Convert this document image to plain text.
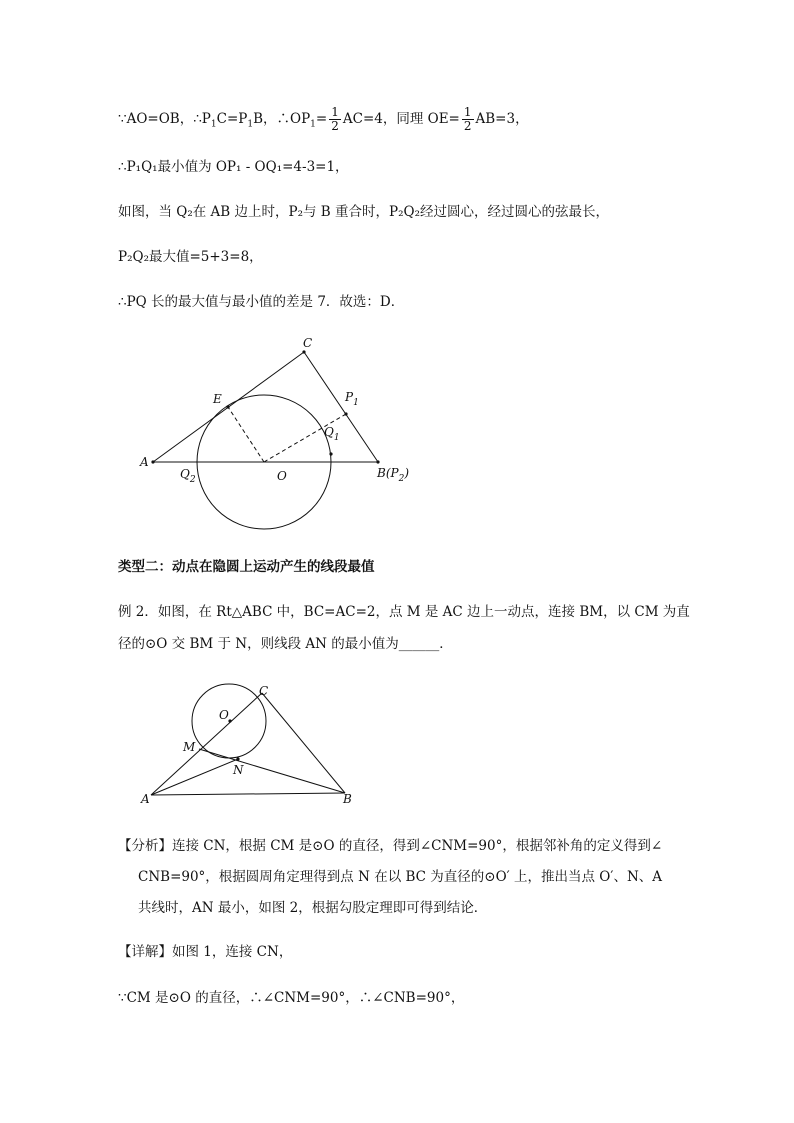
∵AO=OB，$\therefore P_1C=P_1B$，$\therefore OP_1= \frac{1}{2} AC=4$，同理 $OE= \frac{1}{2} AB=3$，
∴P₁Q₁最小值为 OP₁ - OQ₁=4-3=1，
如图，当 Q₂在 AB 边上时，P₂与 B 重合时，P₂Q₂经过圆心，经过圆心的弦最长，
P₂Q₂最大值=5+3=8，
∴PQ 长的最大值与最小值的差是 7．故选：D．
C
E	$P_1$
$Q_1$
A
$Q_2$	O	$B(P_2)$
类型二：动点在隐圆上运动产生的线段最值
例 2．如图，在 Rt△ABC 中，BC=AC=2，点 M 是 AC 边上一动点，连接 BM，以 CM 为直
径的⊙O 交 BM 于 N，则线段 AN 的最小值为______．
C
O
M
N
A	B
【分析】连接 CN，根据 CM 是⊙O 的直径，得到∠CNM=90°，根据邻补角的定义得到∠
CNB=90°，根据圆周角定理得到点 N 在以 BC 为直径的⊙O′ 上，推出当点 O′、N、A
共线时，AN 最小，如图 2，根据勾股定理即可得到结论．
【详解】如图 1，连接 CN，
∵CM 是⊙O 的直径，∴∠CNM=90°，∴∠CNB=90°，
